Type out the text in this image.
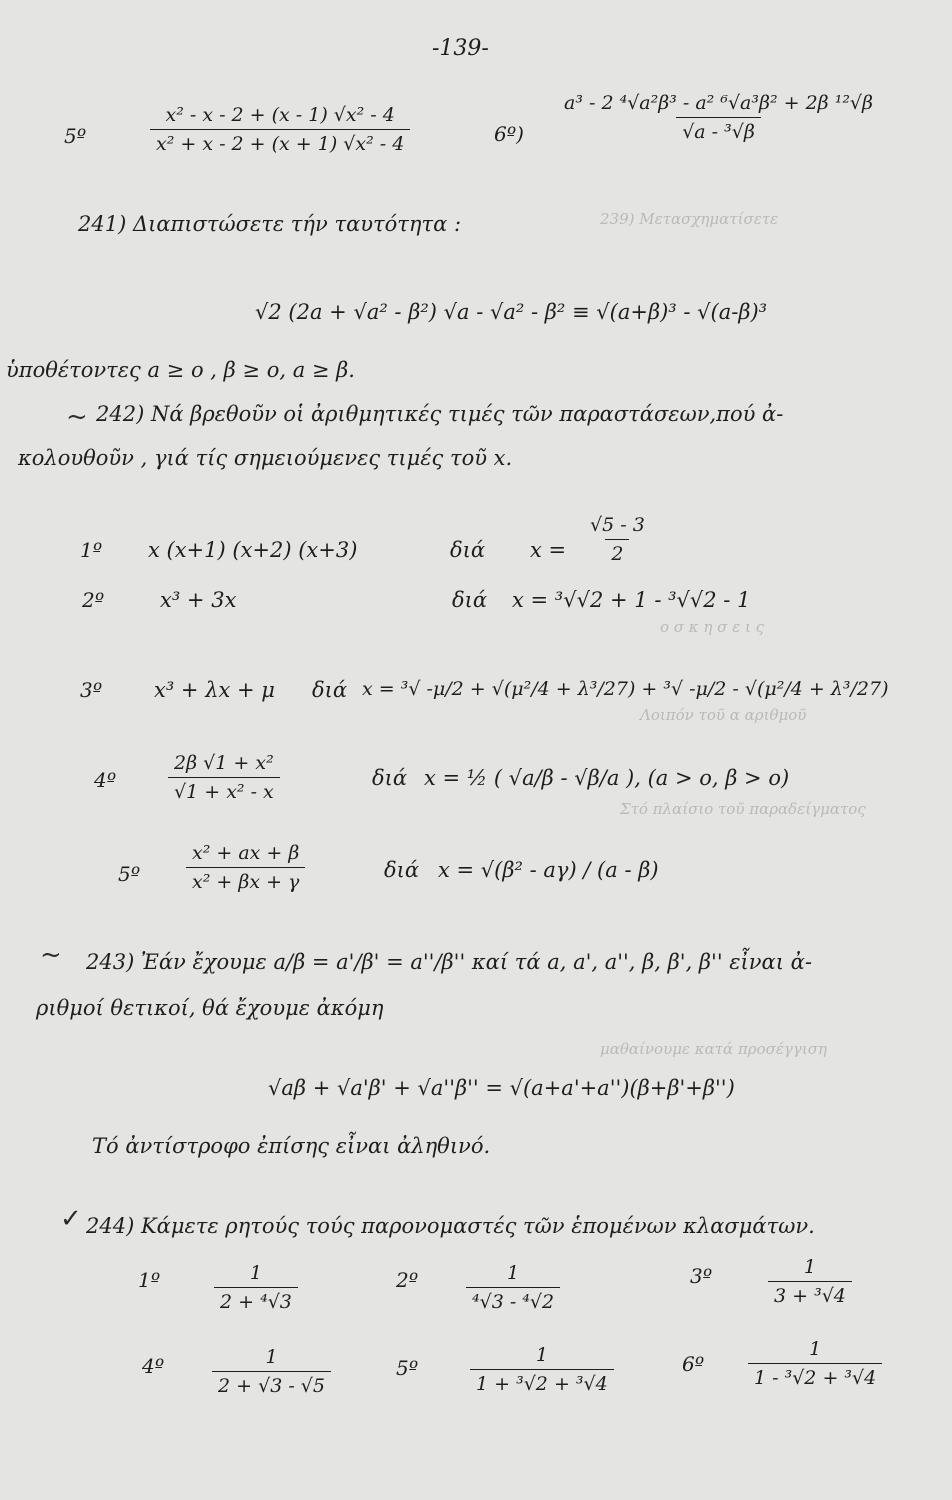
239) Μετασχηματίσετε
ο σ κ η σ ε ι ς
Λοιπόν τοῦ α αριθμοῦ
Στό πλαίσιο τοῦ παραδείγματος
μαθαίνουμε κατά προσέγγιση
-139-
5º	$\frac{\text{x² - x - 2 + (x - 1) √x² - 4}}{\text{x² + x - 2 + (x + 1) √x² - 4}}$	6º) $\frac{\text{a³ - 2 ⁴√a²β³ - a² ⁶√a³β² + 2β ¹²√β}}{\text{√a - ³√β}}$
241) Διαπιστώσετε τήν ταυτότητα :
√2 (2a + √a² - β²) √a - √a² - β² ≡ √(a+β)³ - √(a-β)³
ὑποθέτοντες a ≥ o , β ≥ o, a ≥ β.
~ 242) Νά βρεθοῦν οἱ ἀριθμητικές τιμές τῶν παραστάσεων,πού ἀ-
κολουθοῦν , γιά τίς σημειούμενες τιμές τοῦ x.
1º x (x+1) (x+2) (x+3)	διά $x = \frac{√5 - 3}{2}$
2º	x³ + 3x	διά x = ³√√2 + 1 - ³√√2 - 1
3º x³ + λx + μ διά x = ³√ -μ/2 + √(μ²/4 + λ³/27) + ³√ -μ/2 - √(μ²/4 + λ³/27)
4º	$\frac{\text{2β √1 + x²}}{\text{√1 + x² - x}}$	διά x = ½ ( √a/β - √β/a ), (a > o, β > o)
5º $\frac{\text{x² + ax + β}}{\text{x² + βx + γ}}$	διά x = √(β² - aγ) / (a - β)
~ 243) Ἐάν ἔχουμε a/β = a'/β' = a''/β'' καί τά a, a', a'', β, β', β'' εἶναι ἀ-
ριθμοί θετικοί, θά ἔχουμε ἀκόμη
√aβ + √a'β' + √a''β'' = √(a+a'+a'')(β+β'+β'')
Τό ἀντίστροφο ἐπίσης εἶναι ἀληθινό.
✓ 244) Κάμετε ρητούς τούς παρονομαστές τῶν ἑπομένων κλασμάτων.
1º	$\frac{1}{\text{2 + ⁴√3}}$	2º	$\frac{1}{\text{⁴√3 - ⁴√2}}$	3º	$\frac{1}{\text{3 + ³√4}}$
4º	$\frac{1}{2 + √3 - √5}$	5º	$\frac{1}{\text{1 + ³√2 + ³√4}}$	6º $\frac{1}{\text{1 - ³√2 + ³√4}}$
